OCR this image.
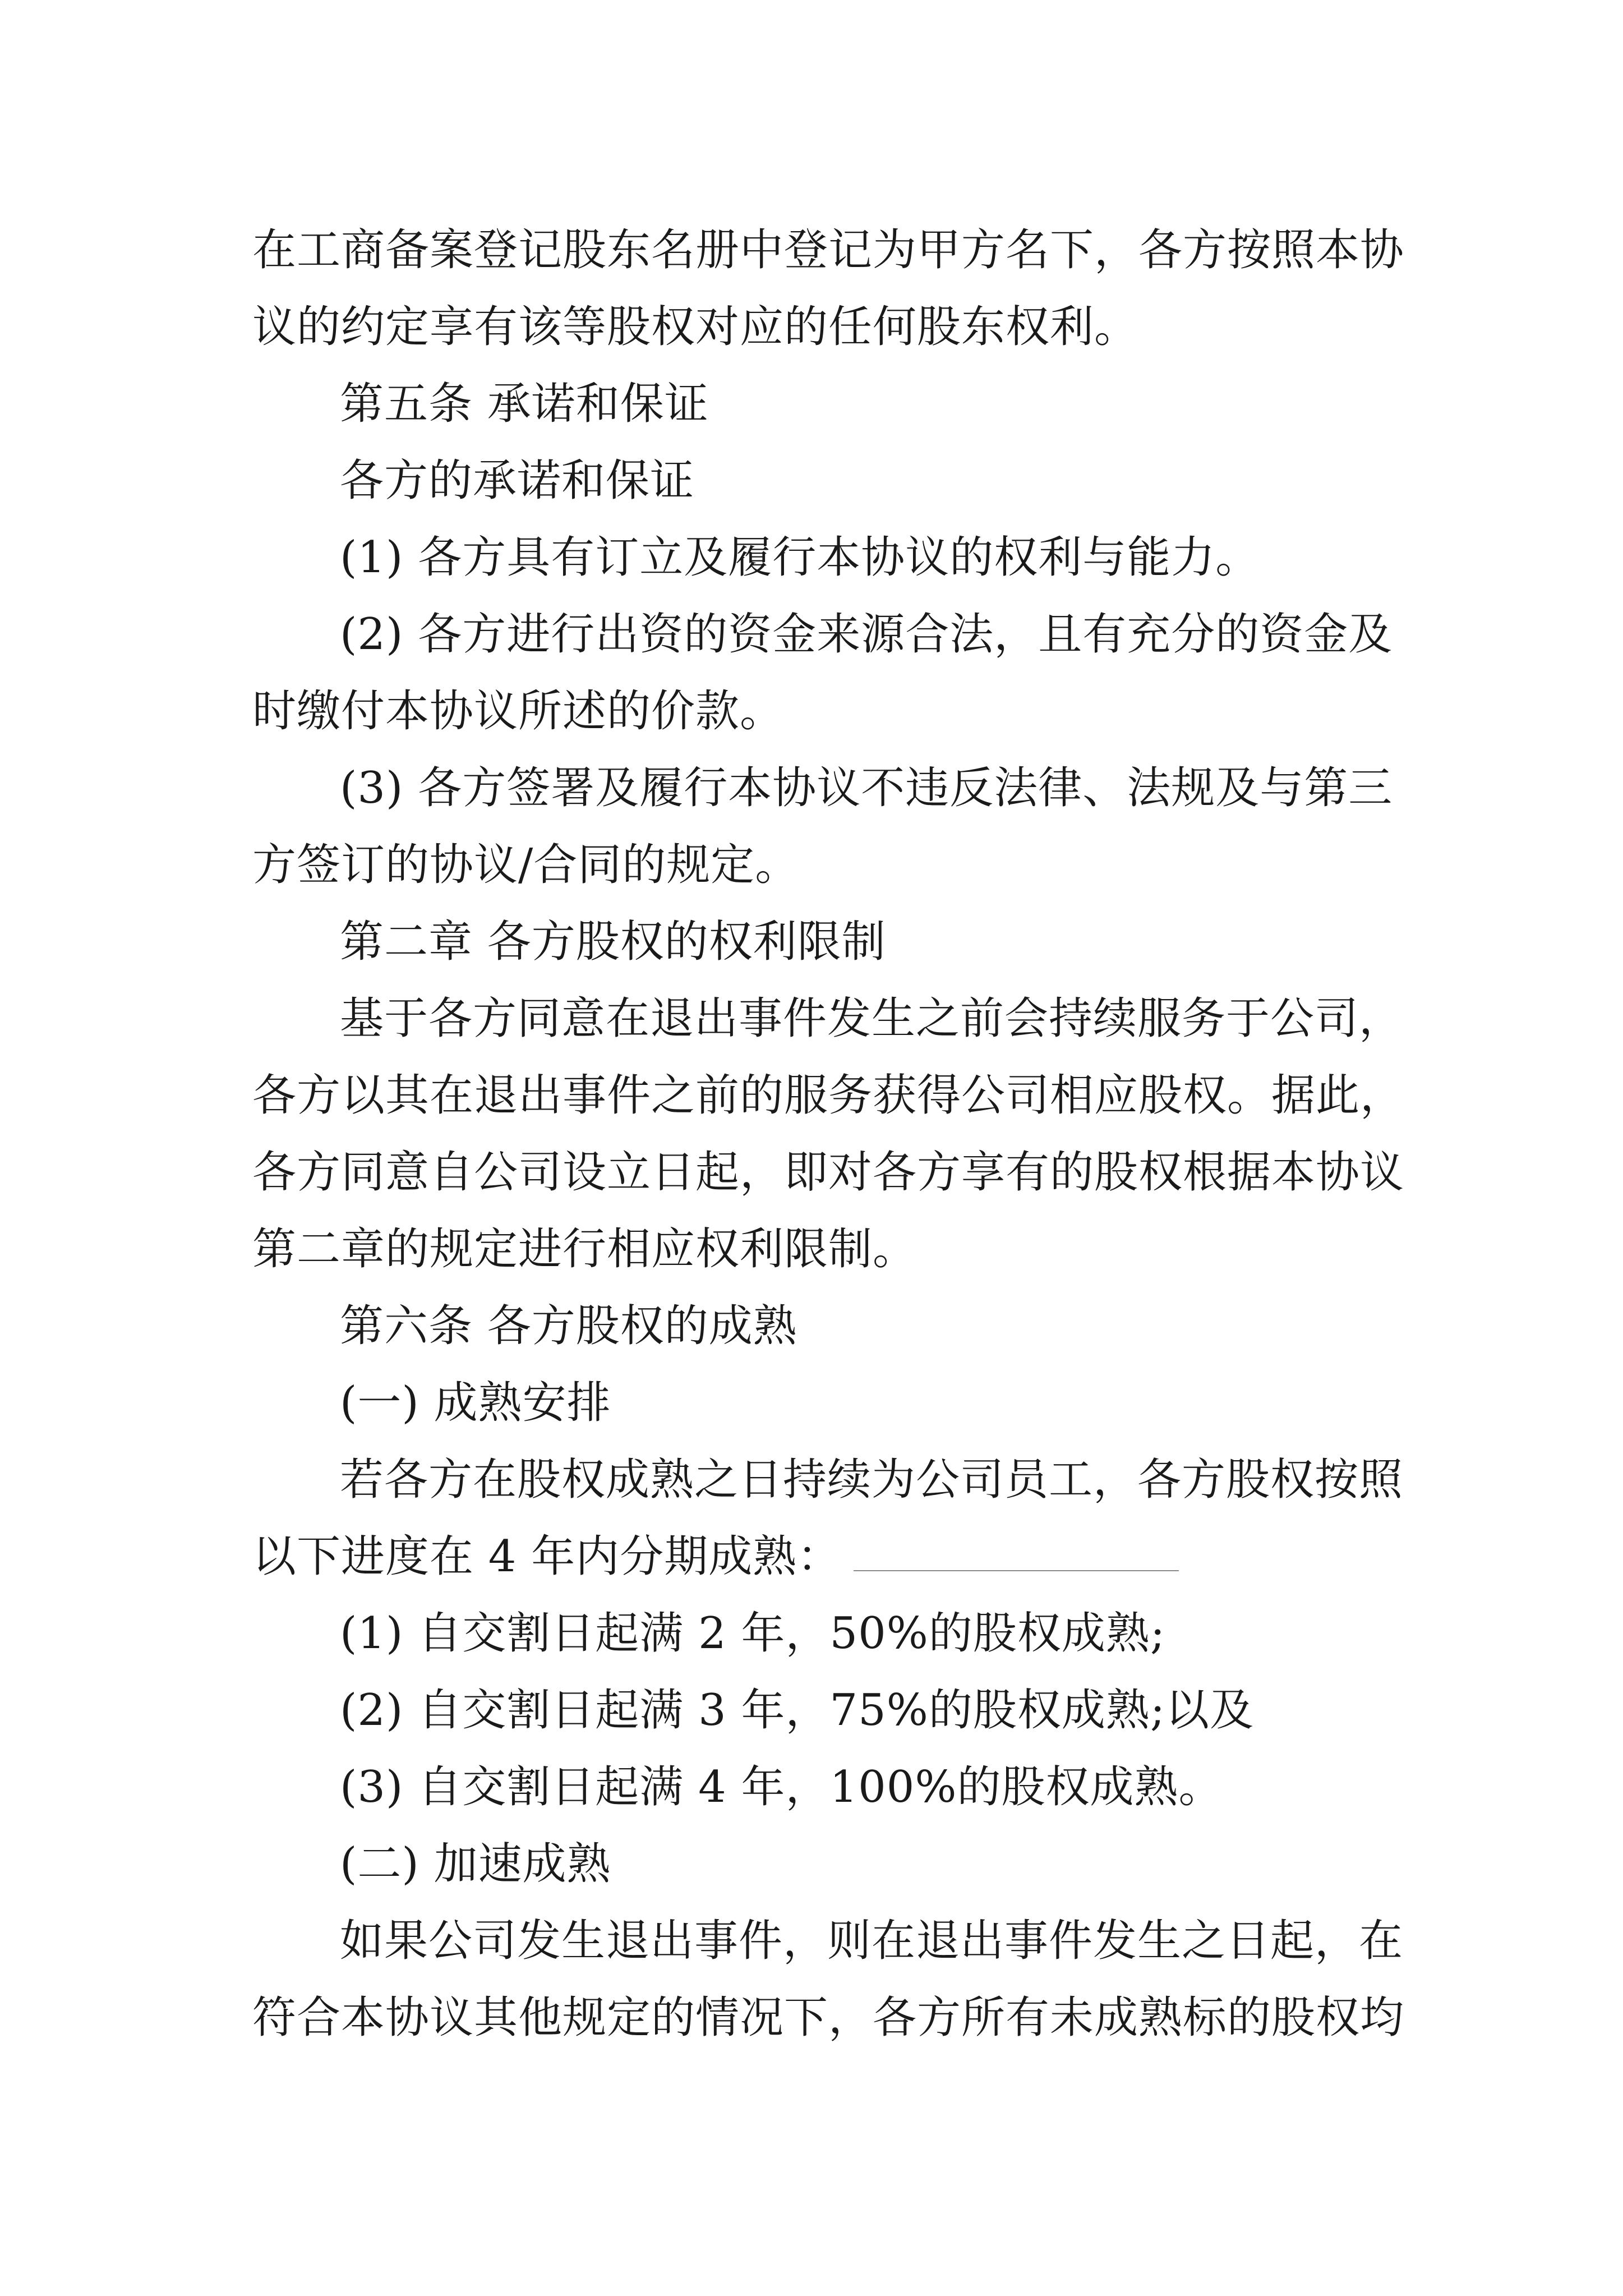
在工商备案登记股东名册中登记为甲方名下，各方按照本协
议的约定享有该等股权对应的任何股东权利。
第五条 承诺和保证
各方的承诺和保证
(1) 各方具有订立及履行本协议的权利与能力。
(2) 各方进行出资的资金来源合法，且有充分的资金及
时缴付本协议所述的价款。
(3) 各方签署及履行本协议不违反法律、法规及与第三
方签订的协议/合同的规定。
第二章 各方股权的权利限制
基于各方同意在退出事件发生之前会持续服务于公司，
各方以其在退出事件之前的服务获得公司相应股权。据此，
各方同意自公司设立日起，即对各方享有的股权根据本协议
第二章的规定进行相应权利限制。
第六条 各方股权的成熟
(一) 成熟安排
若各方在股权成熟之日持续为公司员工，各方股权按照
以下进度在 4 年内分期成熟：
(1) 自交割日起满 2 年，50%的股权成熟;
(2) 自交割日起满 3 年，75%的股权成熟;以及
(3) 自交割日起满 4 年，100%的股权成熟。
(二) 加速成熟
如果公司发生退出事件，则在退出事件发生之日起，在
符合本协议其他规定的情况下，各方所有未成熟标的股权均
